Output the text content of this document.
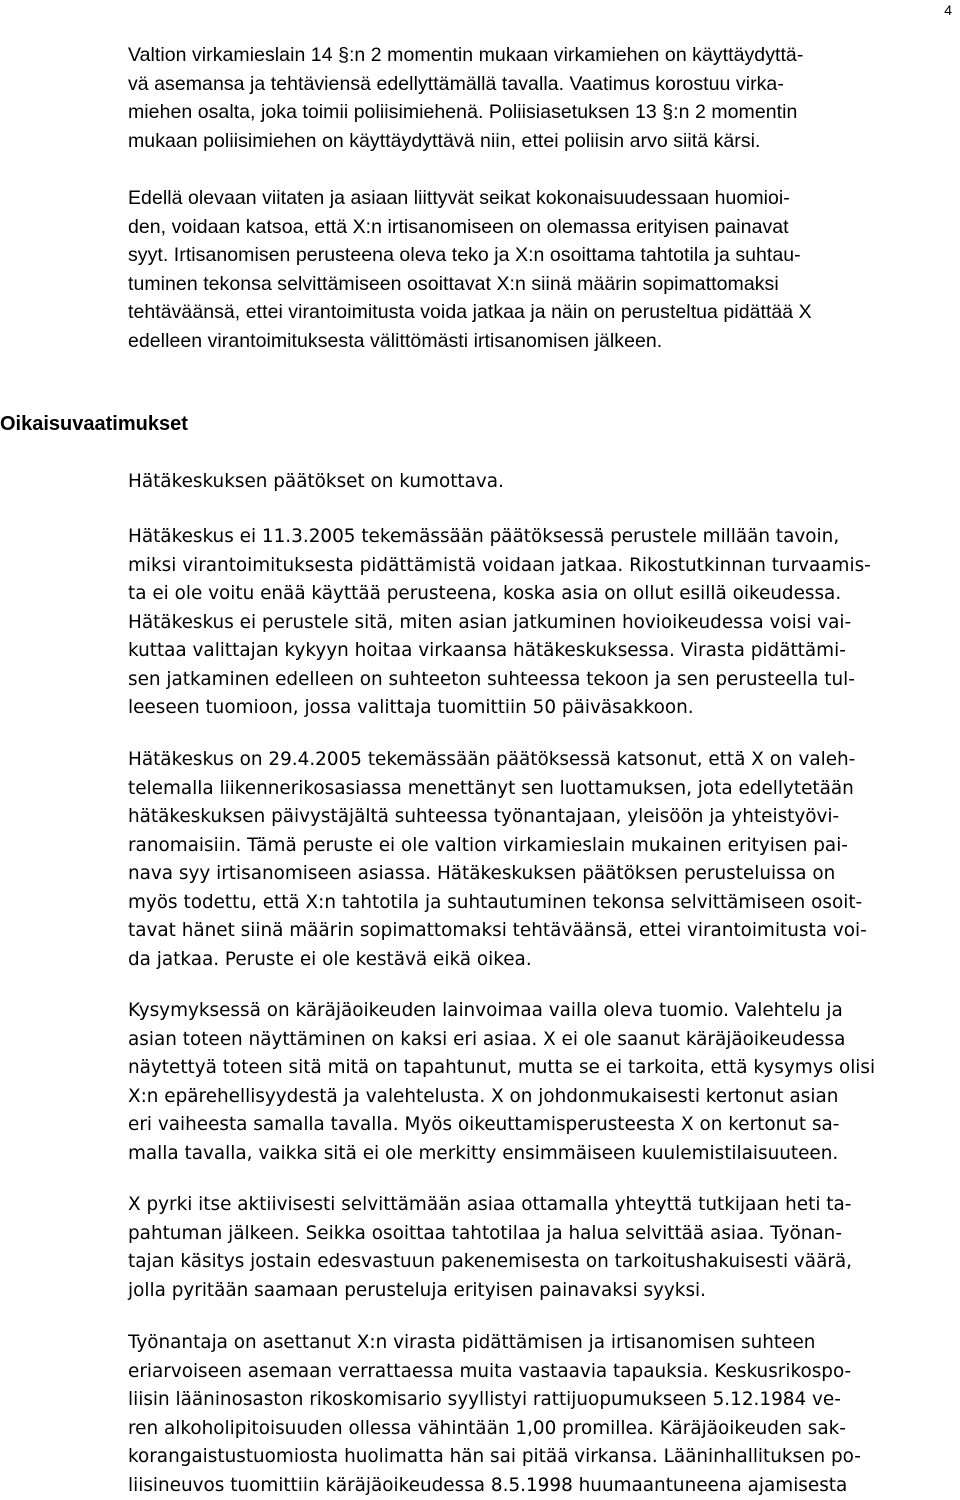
4

Valtion virkamieslain 14 §:n 2 momentin mukaan virkamiehen on käyttäydyttä-
vä asemansa ja tehtäviensä edellyttämällä tavalla. Vaatimus korostuu virka-
miehen osalta, joka toimii poliisimiehenä. Poliisiasetuksen 13 §:n 2 momentin
mukaan poliisimiehen on käyttäydyttävä niin, ettei poliisin arvo siitä kärsi.

Edellä olevaan viitaten ja asiaan liittyvät seikat kokonaisuudessaan huomioi-
den, voidaan katsoa, että X:n irtisanomiseen on olemassa erityisen painavat
syyt. Irtisanomisen perusteena oleva teko ja X:n osoittama tahtotila ja suhtau-
tuminen tekonsa selvittämiseen osoittavat X:n siinä määrin sopimattomaksi
tehtäväänsä, ettei virantoimitusta voida jatkaa ja näin on perusteltua pidättää X
edelleen virantoimituksesta välittömästi irtisanomisen jälkeen.

Oikaisuvaatimukset

Hätäkeskuksen päätökset on kumottava.

Hätäkeskus ei 11.3.2005 tekemässään päätöksessä perustele millään tavoin,
miksi virantoimituksesta pidättämistä voidaan jatkaa. Rikostutkinnan turvaamis-
ta ei ole voitu enää käyttää perusteena, koska asia on ollut esillä oikeudessa.
Hätäkeskus ei perustele sitä, miten asian jatkuminen hovioikeudessa voisi vai-
kuttaa valittajan kykyyn hoitaa virkaansa hätäkeskuksessa. Virasta pidättämi-
sen jatkaminen edelleen on suhteeton suhteessa tekoon ja sen perusteella tul-
leeseen tuomioon, jossa valittaja tuomittiin 50 päiväsakkoon.

Hätäkeskus on 29.4.2005 tekemässään päätöksessä katsonut, että X on valeh-
telemalla liikennerikosasiassa menettänyt sen luottamuksen, jota edellytetään
hätäkeskuksen päivystäjältä suhteessa työnantajaan, yleisöön ja yhteistyövi-
ranomaisiin. Tämä peruste ei ole valtion virkamieslain mukainen erityisen pai-
nava syy irtisanomiseen asiassa. Hätäkeskuksen päätöksen perusteluissa on
myös todettu, että X:n tahtotila ja suhtautuminen tekonsa selvittämiseen osoit-
tavat hänet siinä määrin sopimattomaksi tehtäväänsä, ettei virantoimitusta voi-
da jatkaa. Peruste ei ole kestävä eikä oikea.

Kysymyksessä on käräjäoikeuden lainvoimaa vailla oleva tuomio. Valehtelu ja
asian toteen näyttäminen on kaksi eri asiaa. X ei ole saanut käräjäoikeudessa
näytettyä toteen sitä mitä on tapahtunut, mutta se ei tarkoita, että kysymys olisi
X:n epärehellisyydestä ja valehtelusta. X on johdonmukaisesti kertonut asian
eri vaiheesta samalla tavalla. Myös oikeuttamisperusteesta X on kertonut sa-
malla tavalla, vaikka sitä ei ole merkitty ensimmäiseen kuulemistilaisuuteen.

X pyrki itse aktiivisesti selvittämään asiaa ottamalla yhteyttä tutkijaan heti ta-
pahtuman jälkeen. Seikka osoittaa tahtotilaa ja halua selvittää asiaa. Työnan-
tajan käsitys jostain edesvastuun pakenemisesta on tarkoitushakuisesti väärä,
jolla pyritään saamaan perusteluja erityisen painavaksi syyksi.

Työnantaja on asettanut X:n virasta pidättämisen ja irtisanomisen suhteen
eriarvoiseen asemaan verrattaessa muita vastaavia tapauksia. Keskusrikospo-
liisin lääninosaston rikoskomisario syyllistyi rattijuopumukseen 5.12.1984 ve-
ren alkoholipitoisuuden ollessa vähintään 1,00 promillea. Käräjäoikeuden sak-
korangaistustuomiosta huolimatta hän sai pitää virkansa. Lääninhallituksen po-
liisineuvos tuomittiin käräjäoikeudessa 8.5.1998 huumaantuneena ajamisesta
